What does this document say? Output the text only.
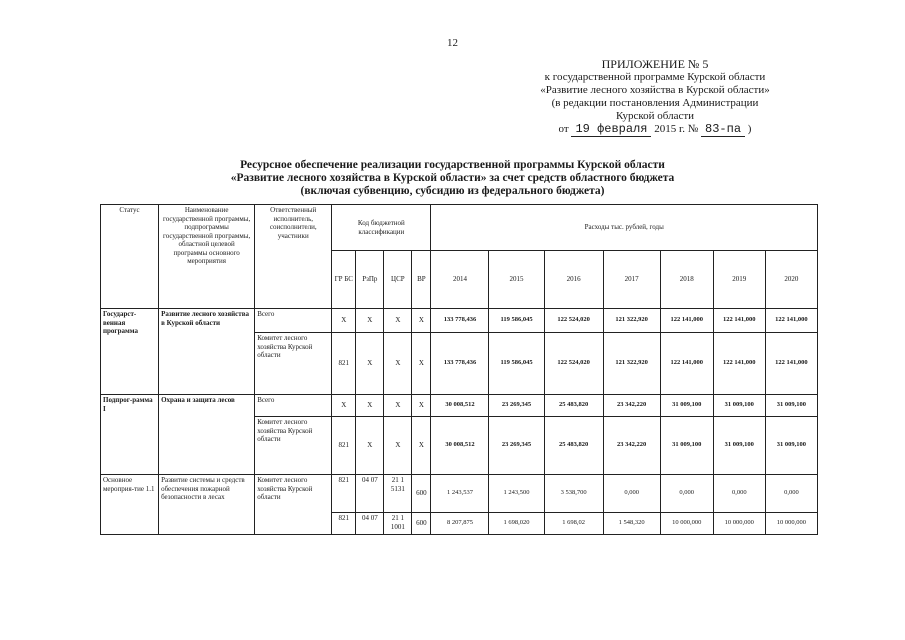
12
ПРИЛОЖЕНИЕ № 5
к государственной программе Курской области
«Развитие лесного хозяйства в Курской области»
(в редакции постановления Администрации
Курской области
от 19 февраля 2015 г. № 83-па )
Ресурсное обеспечение реализации государственной программы Курской области
«Развитие лесного хозяйства в Курской области» за счет средств областного бюджета
(включая субвенцию, субсидию из федерального бюджета)
Статус	Наименование государственной программы, подпрограммы государственной программы, областной целевой программы основного мероприятия	Ответственный исполнитель, соисполнители, участники	Код бюджетной классификации				Расходы тыс. рублей, годы						
			ГР БС	РзПр	ЦСР	ВР	2014	2015	2016	2017	2018	2019	2020
Государст-венная программа	Развитие лесного хозяйства в Курской области	Всего	X	X	X	X	133 778,436	119 586,045	122 524,020	121 322,920	122 141,000	122 141,000	122 141,000
		Комитет лесного хозяйства Курской области	821	X	X	X	133 778,436	119 586,045	122 524,020	121 322,920	122 141,000	122 141,000	122 141,000
Подпрог-рамма I	Охрана и защита лесов	Всего	X	X	X	X	30 008,512	23 269,345	25 483,820	23 342,220	31 009,100	31 009,100	31 009,100
		Комитет лесного хозяйства Курской области	821	X	X	X	30 008,512	23 269,345	25 483,820	23 342,220	31 009,100	31 009,100	31 009,100
Основное мероприя-тие 1.1	Развитие системы и средств обеспечения пожарной безопасности в лесах	Комитет лесного хозяйства Курской области	821	04 07	21 1 5131	600	1 243,537	1 243,500	3 538,700	0,000	0,000	0,000	0,000
			821	04 07	21 1 1001	600	8 207,875	1 698,020	1 698,02	1 548,320	10 000,000	10 000,000	10 000,000
